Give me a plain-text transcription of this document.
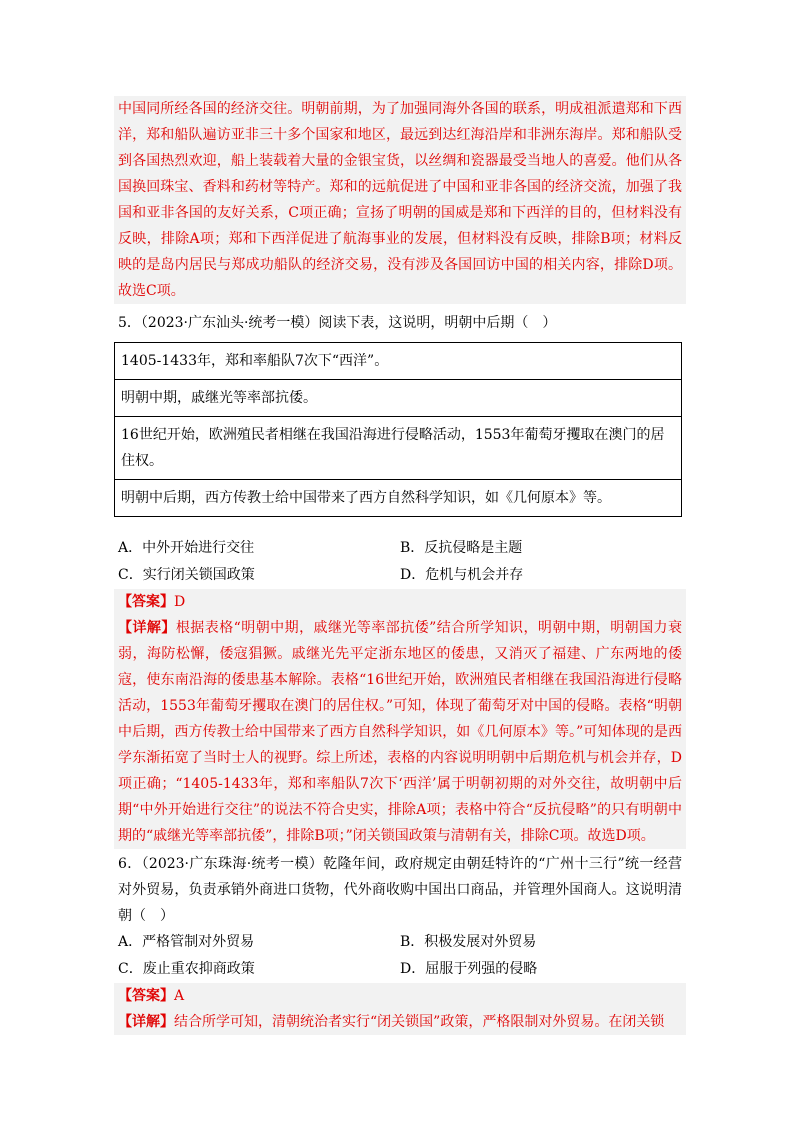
中国同所经各国的经济交往。明朝前期，为了加强同海外各国的联系，明成祖派遣郑和下西洋，郑和船队遍访亚非三十多个国家和地区，最远到达红海沿岸和非洲东海岸。郑和船队受到各国热烈欢迎，船上装载着大量的金银宝货，以丝绸和瓷器最受当地人的喜爱。他们从各国换回珠宝、香料和药材等特产。郑和的远航促进了中国和亚非各国的经济交流，加强了我国和亚非各国的友好关系，C项正确；宣扬了明朝的国威是郑和下西洋的目的，但材料没有反映，排除A项；郑和下西洋促进了航海事业的发展，但材料没有反映，排除B项；材料反映的是岛内居民与郑成功船队的经济交易，没有涉及各国回访中国的相关内容，排除D项。故选C项。

5．（2023·广东汕头·统考一模）阅读下表，这说明，明朝中后期（　）

1405-1433年，郑和率船队7次下“西洋”。
明朝中期，戚继光等率部抗倭。
16世纪开始，欧洲殖民者相继在我国沿海进行侵略活动，1553年葡萄牙攫取在澳门的居住权。
明朝中后期，西方传教士给中国带来了西方自然科学知识，如《几何原本》等。
A．中外开始进行交往	B．反抗侵略是主题
C．实行闭关锁国政策	D．危机与机会并存

【答案】D

【详解】根据表格“明朝中期，戚继光等率部抗倭”结合所学知识，明朝中期，明朝国力衰弱，海防松懈，倭寇猖獗。戚继光先平定浙东地区的倭患，又消灭了福建、广东两地的倭寇，使东南沿海的倭患基本解除。表格“16世纪开始，欧洲殖民者相继在我国沿海进行侵略活动，1553年葡萄牙攫取在澳门的居住权。”可知，体现了葡萄牙对中国的侵略。表格“明朝中后期，西方传教士给中国带来了西方自然科学知识，如《几何原本》等。”可知体现的是西学东渐拓宽了当时士人的视野。综上所述，表格的内容说明明朝中后期危机与机会并存，D项正确；“1405-1433年，郑和率船队7次下‘西洋’属于明朝初期的对外交往，故明朝中后期“中外开始进行交往”的说法不符合史实，排除A项；表格中符合“反抗侵略”的只有明朝中期的“戚继光等率部抗倭”，排除B项；”闭关锁国政策与清朝有关，排除C项。故选D项。

6．（2023·广东珠海·统考一模）乾隆年间，政府规定由朝廷特许的“广州十三行”统一经营对外贸易，负责承销外商进口货物，代外商收购中国出口商品，并管理外国商人。这说明清朝（　）

A．严格管制对外贸易	B．积极发展对外贸易
C．废止重农抑商政策	D．屈服于列强的侵略

【答案】A

【详解】结合所学可知，清朝统治者实行“闭关锁国”政策，严格限制对外贸易。在闭关锁
